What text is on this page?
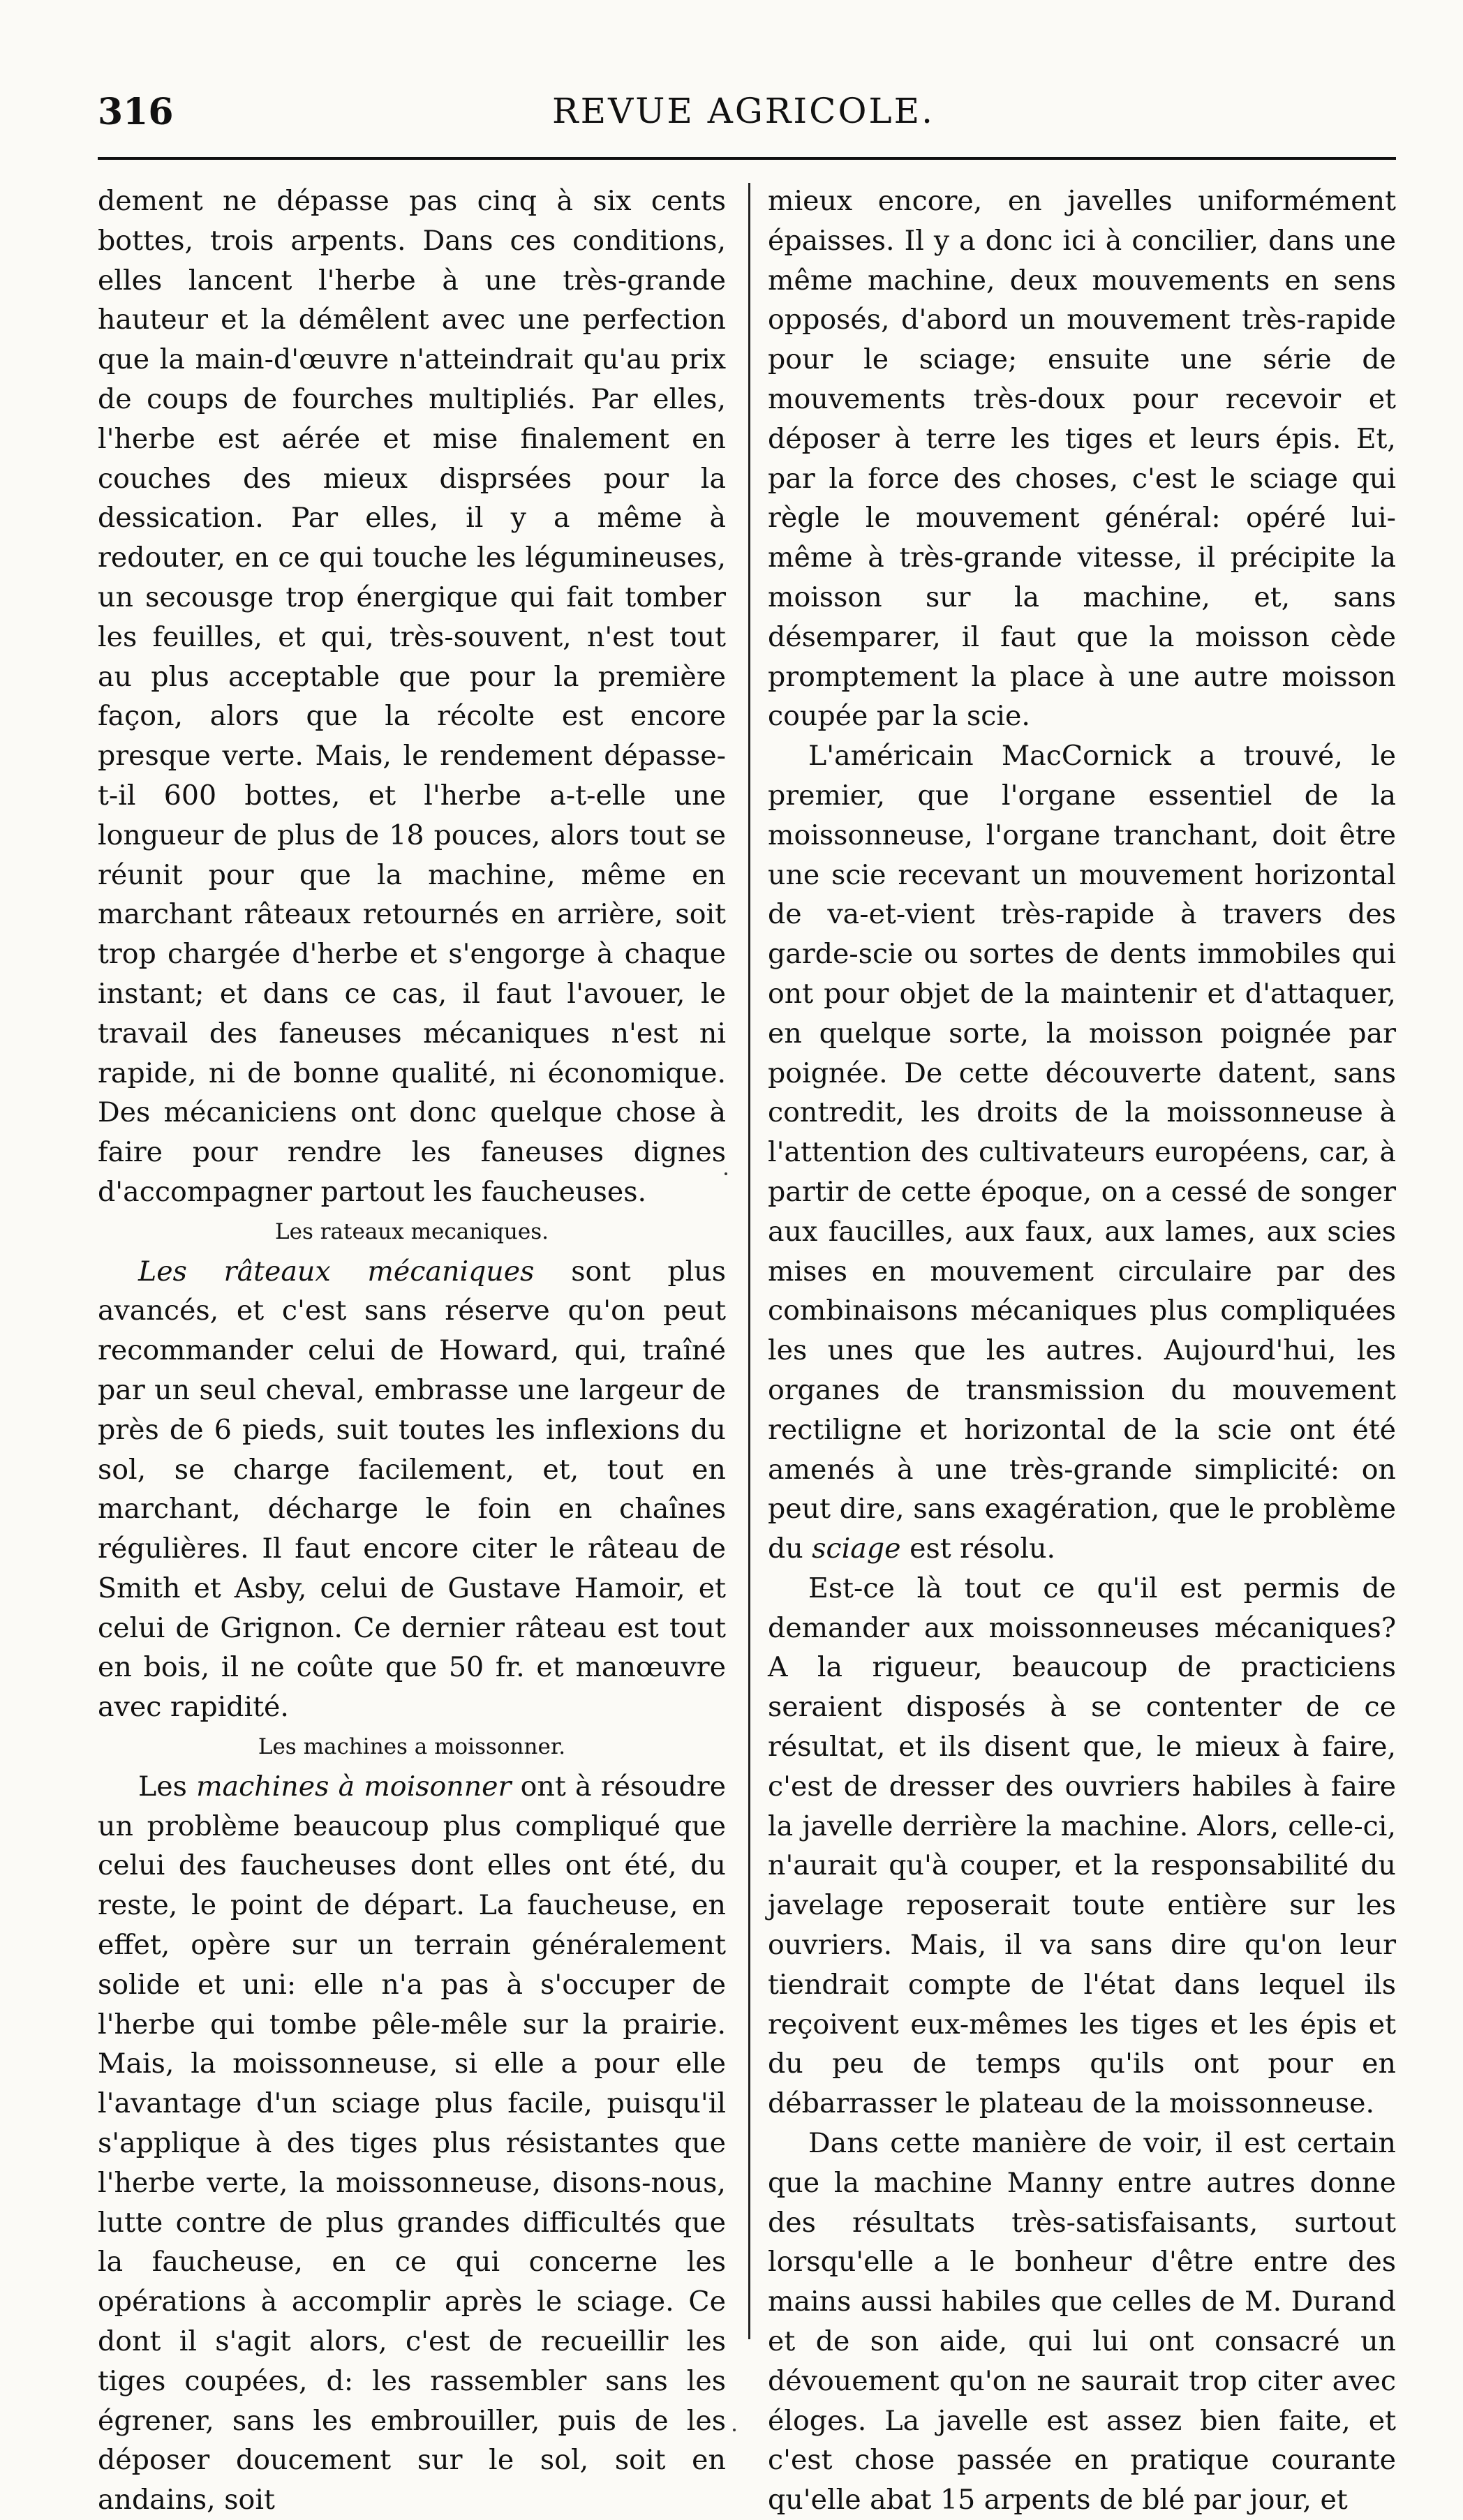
316	REVUE AGRICOLE.

dement ne dépasse pas cinq à six cents bottes, trois arpents. Dans ces conditions, elles lancent l'herbe à une très-grande hauteur et la démêlent avec une perfection que la main-d'œuvre n'atteindrait qu'au prix de coups de fourches multipliés. Par elles, l'herbe est aérée et mise finalement en couches des mieux disprsées pour la dessication. Par elles, il y a même à redouter, en ce qui touche les légumineuses, un secousge trop énergique qui fait tomber les feuilles, et qui, très-souvent, n'est tout au plus acceptable que pour la première façon, alors que la récolte est encore presque verte. Mais, le rendement dépasse-t-il 600 bottes, et l'herbe a-t-elle une longueur de plus de 18 pouces, alors tout se réunit pour que la machine, même en marchant râteaux retournés en arrière, soit trop chargée d'herbe et s'engorge à chaque instant; et dans ce cas, il faut l'avouer, le travail des faneuses mécaniques n'est ni rapide, ni de bonne qualité, ni économique. Des mécaniciens ont donc quelque chose à faire pour rendre les faneuses dignes d'accompagner partout les faucheuses.

Les rateaux mecaniques.

Les râteaux mécaniques sont plus avancés, et c'est sans réserve qu'on peut recommander celui de Howard, qui, traîné par un seul cheval, embrasse une largeur de près de 6 pieds, suit toutes les inflexions du sol, se charge facilement, et, tout en marchant, décharge le foin en chaînes régulières. Il faut encore citer le râteau de Smith et Asby, celui de Gustave Hamoir, et celui de Grignon. Ce dernier râteau est tout en bois, il ne coûte que 50 fr. et manœuvre avec rapidité.

Les machines a moissonner.

Les machines à moisonner ont à résoudre un problème beaucoup plus compliqué que celui des faucheuses dont elles ont été, du reste, le point de départ. La faucheuse, en effet, opère sur un terrain généralement solide et uni: elle n'a pas à s'occuper de l'herbe qui tombe pêle-mêle sur la prairie. Mais, la moissonneuse, si elle a pour elle l'avantage d'un sciage plus facile, puisqu'il s'applique à des tiges plus résistantes que l'herbe verte, la moissonneuse, disons-nous, lutte contre de plus grandes difficultés que la faucheuse, en ce qui concerne les opérations à accomplir après le sciage. Ce dont il s'agit alors, c'est de recueillir les tiges coupées, d: les rassembler sans les égrener, sans les embrouiller, puis de les déposer doucement sur le sol, soit en andains, soit

mieux encore, en javelles uniformément épaisses. Il y a donc ici à concilier, dans une même machine, deux mouvements en sens opposés, d'abord un mouvement très-rapide pour le sciage; ensuite une série de mouvements très-doux pour recevoir et déposer à terre les tiges et leurs épis. Et, par la force des choses, c'est le sciage qui règle le mouvement général: opéré lui-même à très-grande vitesse, il précipite la moisson sur la machine, et, sans désemparer, il faut que la moisson cède promptement la place à une autre moisson coupée par la scie.

L'américain MacCornick a trouvé, le premier, que l'organe essentiel de la moissonneuse, l'organe tranchant, doit être une scie recevant un mouvement horizontal de va-et-vient très-rapide à travers des garde-scie ou sortes de dents immobiles qui ont pour objet de la maintenir et d'attaquer, en quelque sorte, la moisson poignée par poignée. De cette découverte datent, sans contredit, les droits de la moissonneuse à l'attention des cultivateurs européens, car, à partir de cette époque, on a cessé de songer aux faucilles, aux faux, aux lames, aux scies mises en mouvement circulaire par des combinaisons mécaniques plus compliquées les unes que les autres. Aujourd'hui, les organes de transmission du mouvement rectiligne et horizontal de la scie ont été amenés à une très-grande simplicité: on peut dire, sans exagération, que le problème du sciage est résolu.

Est-ce là tout ce qu'il est permis de demander aux moissonneuses mécaniques? A la rigueur, beaucoup de practiciens seraient disposés à se contenter de ce résultat, et ils disent que, le mieux à faire, c'est de dresser des ouvriers habiles à faire la javelle derrière la machine. Alors, celle-ci, n'aurait qu'à couper, et la responsabilité du javelage reposerait toute entière sur les ouvriers. Mais, il va sans dire qu'on leur tiendrait compte de l'état dans lequel ils reçoivent eux-mêmes les tiges et les épis et du peu de temps qu'ils ont pour en débarrasser le plateau de la moissonneuse.

Dans cette manière de voir, il est certain que la machine Manny entre autres donne des résultats très-satisfaisants, surtout lorsqu'elle a le bonheur d'être entre des mains aussi habiles que celles de M. Durand et de son aide, qui lui ont consacré un dévouement qu'on ne saurait trop citer avec éloges. La javelle est assez bien faite, et c'est chose passée en pratique courante qu'elle abat 15 arpents de blé par jour, et
